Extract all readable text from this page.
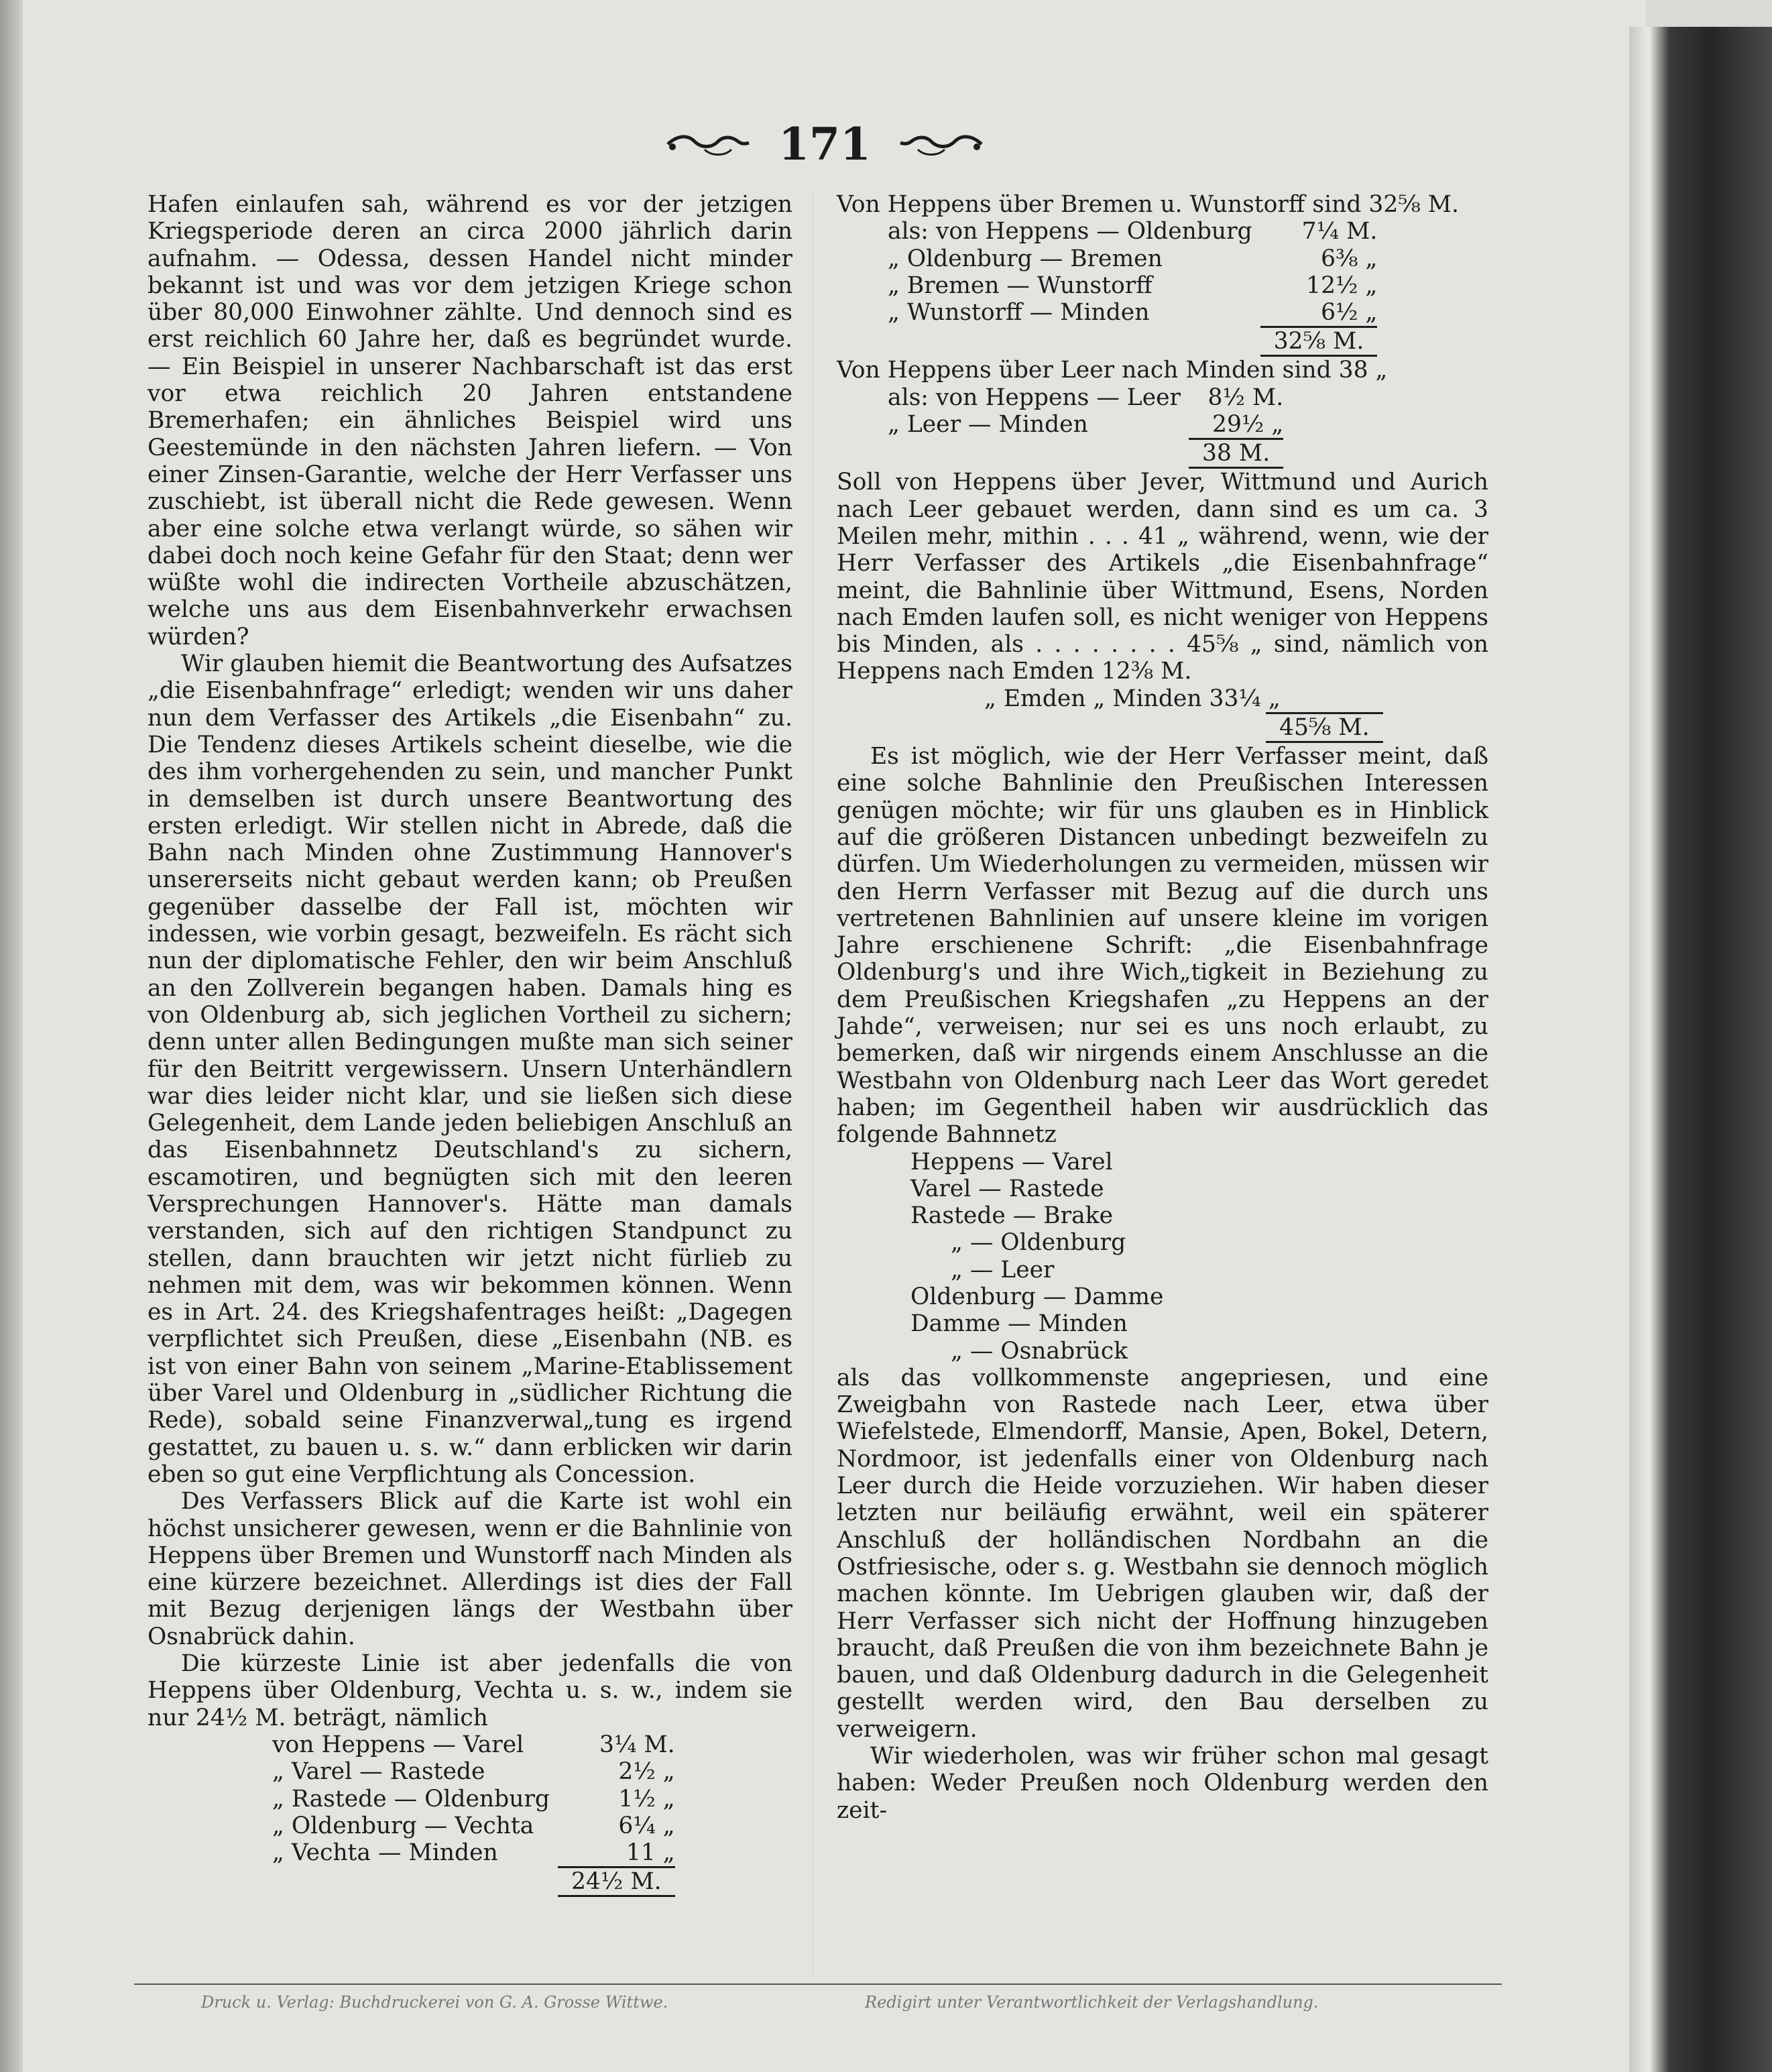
171

Hafen einlaufen sah, während es vor der jetzigen Kriegsperiode deren an circa 2000 jährlich darin aufnahm. — Odessa, dessen Handel nicht minder bekannt ist und was vor dem jetzigen Kriege schon über 80,000 Einwohner zählte. Und dennoch sind es erst reichlich 60 Jahre her, daß es begründet wurde. — Ein Beispiel in unserer Nachbarschaft ist das erst vor etwa reichlich 20 Jahren entstandene Bremerhafen; ein ähnliches Beispiel wird uns Geestemünde in den nächsten Jahren liefern. — Von einer Zinsen-Garantie, welche der Herr Verfasser uns zuschiebt, ist überall nicht die Rede gewesen. Wenn aber eine solche etwa verlangt würde, so sähen wir dabei doch noch keine Gefahr für den Staat; denn wer wüßte wohl die indirecten Vortheile abzuschätzen, welche uns aus dem Eisenbahnverkehr erwachsen würden?

Wir glauben hiemit die Beantwortung des Aufsatzes „die Eisenbahnfrage“ erledigt; wenden wir uns daher nun dem Verfasser des Artikels „die Eisenbahn“ zu. Die Tendenz dieses Artikels scheint dieselbe, wie die des ihm vorhergehenden zu sein, und mancher Punkt in demselben ist durch unsere Beantwortung des ersten erledigt. Wir stellen nicht in Abrede, daß die Bahn nach Minden ohne Zustimmung Hannover's unsererseits nicht gebaut werden kann; ob Preußen gegenüber dasselbe der Fall ist, möchten wir indessen, wie vorbin gesagt, bezweifeln. Es rächt sich nun der diplomatische Fehler, den wir beim Anschluß an den Zollverein begangen haben. Damals hing es von Oldenburg ab, sich jeglichen Vortheil zu sichern; denn unter allen Bedingungen mußte man sich seiner für den Beitritt vergewissern. Unsern Unterhändlern war dies leider nicht klar, und sie ließen sich diese Gelegenheit, dem Lande jeden beliebigen Anschluß an das Eisenbahnnetz Deutschland's zu sichern, escamotiren, und begnügten sich mit den leeren Versprechungen Hannover's. Hätte man damals verstanden, sich auf den richtigen Standpunct zu stellen, dann brauchten wir jetzt nicht fürlieb zu nehmen mit dem, was wir bekommen können. Wenn es in Art. 24. des Kriegshafentrages heißt: „Dagegen verpflichtet sich Preußen, diese „Eisenbahn (NB. es ist von einer Bahn von seinem „Marine-Etablissement über Varel und Oldenburg in „südlicher Richtung die Rede), sobald seine Finanzverwal„tung es irgend gestattet, zu bauen u. s. w.“ dann erblicken wir darin eben so gut eine Verpflichtung als Concession.

Des Verfassers Blick auf die Karte ist wohl ein höchst unsicherer gewesen, wenn er die Bahnlinie von Heppens über Bremen und Wunstorff nach Minden als eine kürzere bezeichnet. Allerdings ist dies der Fall mit Bezug derjenigen längs der Westbahn über Osnabrück dahin.

Die kürzeste Linie ist aber jedenfalls die von Heppens über Oldenburg, Vechta u. s. w., indem sie nur 24½ M. beträgt, nämlich

von Heppens — Varel	3¼ M.
„ Varel — Rastede	2½ „
„ Rastede — Oldenburg	1½ „
„ Oldenburg — Vechta	6¼ „
„ Vechta — Minden	11 „
	24½ M.

Von Heppens über Bremen u. Wunstorff sind 32⅝ M.

als: von Heppens — Oldenburg	7¼ M.
„ Oldenburg — Bremen	6⅜ „
„ Bremen — Wunstorff	12½ „
„ Wunstorff — Minden	6½ „
	32⅝ M.

Von Heppens über Leer nach Minden sind 38 „

als: von Heppens — Leer	8½ M.
„ Leer — Minden	29½ „
	38 M.

Soll von Heppens über Jever, Wittmund und Aurich nach Leer gebauet werden, dann sind es um ca. 3 Meilen mehr, mithin . . . 41 „ während, wenn, wie der Herr Verfasser des Artikels „die Eisenbahnfrage“ meint, die Bahnlinie über Wittmund, Esens, Norden nach Emden laufen soll, es nicht weniger von Heppens bis Minden, als . . . . . . . . 45⅝ „ sind, nämlich von Heppens nach Emden 12⅜ M.

„ Emden „ Minden 33¼ „

45⅝ M.

Es ist möglich, wie der Herr Verfasser meint, daß eine solche Bahnlinie den Preußischen Interessen genügen möchte; wir für uns glauben es in Hinblick auf die größeren Distancen unbedingt bezweifeln zu dürfen. Um Wiederholungen zu vermeiden, müssen wir den Herrn Verfasser mit Bezug auf die durch uns vertretenen Bahnlinien auf unsere kleine im vorigen Jahre erschienene Schrift: „die Eisenbahnfrage Oldenburg's und ihre Wich„tigkeit in Beziehung zu dem Preußischen Kriegshafen „zu Heppens an der Jahde“, verweisen; nur sei es uns noch erlaubt, zu bemerken, daß wir nirgends einem Anschlusse an die Westbahn von Oldenburg nach Leer das Wort geredet haben; im Gegentheil haben wir ausdrücklich das folgende Bahnnetz

Heppens — Varel
Varel — Rastede
Rastede — Brake
„ — Oldenburg
„ — Leer
Oldenburg — Damme
Damme — Minden
„ — Osnabrück

als das vollkommenste angepriesen, und eine Zweigbahn von Rastede nach Leer, etwa über Wiefelstede, Elmendorff, Mansie, Apen, Bokel, Detern, Nordmoor, ist jedenfalls einer von Oldenburg nach Leer durch die Heide vorzuziehen. Wir haben dieser letzten nur beiläufig erwähnt, weil ein späterer Anschluß der holländischen Nordbahn an die Ostfriesische, oder s. g. Westbahn sie dennoch möglich machen könnte. Im Uebrigen glauben wir, daß der Herr Verfasser sich nicht der Hoffnung hinzugeben braucht, daß Preußen die von ihm bezeichnete Bahn je bauen, und daß Oldenburg dadurch in die Gelegenheit gestellt werden wird, den Bau derselben zu verweigern.

Wir wiederholen, was wir früher schon mal gesagt haben: Weder Preußen noch Oldenburg werden den zeit-

Druck u. Verlag: Buchdruckerei von G. A. Grosse Wittwe.	Redigirt unter Verantwortlichkeit der Verlagshandlung.
